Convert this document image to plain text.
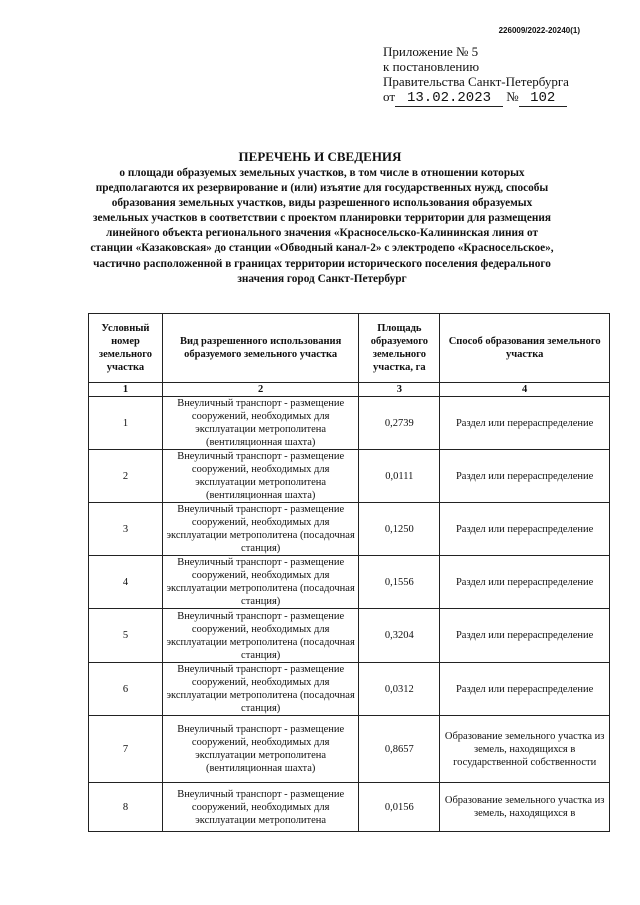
226009/2022-20240(1)
Приложение № 5
к постановлению
Правительства Санкт-Петербурга
от 13.02.2023 № 102
ПЕРЕЧЕНЬ И СВЕДЕНИЯ
о площади образуемых земельных участков, в том числе в отношении которых предполагаются их резервирование и (или) изъятие для государственных нужд, способы образования земельных участков, виды разрешенного использования образуемых земельных участков в соответствии с проектом планировки территории для размещения линейного объекта регионального значения «Красносельско-Калининская линия от станции «Казаковская» до станции «Обводный канал-2» с электродепо «Красносельское», частично расположенной в границах территории исторического поселения федерального значения город Санкт-Петербург
Условный номер земельного участка	Вид разрешенного использования образуемого земельного участка	Площадь образуемого земельного участка, га	Способ образования земельного участка
1	2	3	4
1	Внеуличный транспорт - размещение сооружений, необходимых для эксплуатации метрополитена (вентиляционная шахта)	0,2739	Раздел или перераспределение
2	Внеуличный транспорт - размещение сооружений, необходимых для эксплуатации метрополитена (вентиляционная шахта)	0,0111	Раздел или перераспределение
3	Внеуличный транспорт - размещение сооружений, необходимых для эксплуатации метрополитена (посадочная станция)	0,1250	Раздел или перераспределение
4	Внеуличный транспорт - размещение сооружений, необходимых для эксплуатации метрополитена (посадочная станция)	0,1556	Раздел или перераспределение
5	Внеуличный транспорт - размещение сооружений, необходимых для эксплуатации метрополитена (посадочная станция)	0,3204	Раздел или перераспределение
6	Внеуличный транспорт - размещение сооружений, необходимых для эксплуатации метрополитена (посадочная станция)	0,0312	Раздел или перераспределение
7	Внеуличный транспорт - размещение сооружений, необходимых для эксплуатации метрополитена (вентиляционная шахта)	0,8657	Образование земельного участка из земель, находящихся в государственной собственности
8	Внеуличный транспорт - размещение сооружений, необходимых для эксплуатации метрополитена	0,0156	Образование земельного участка из земель, находящихся в
